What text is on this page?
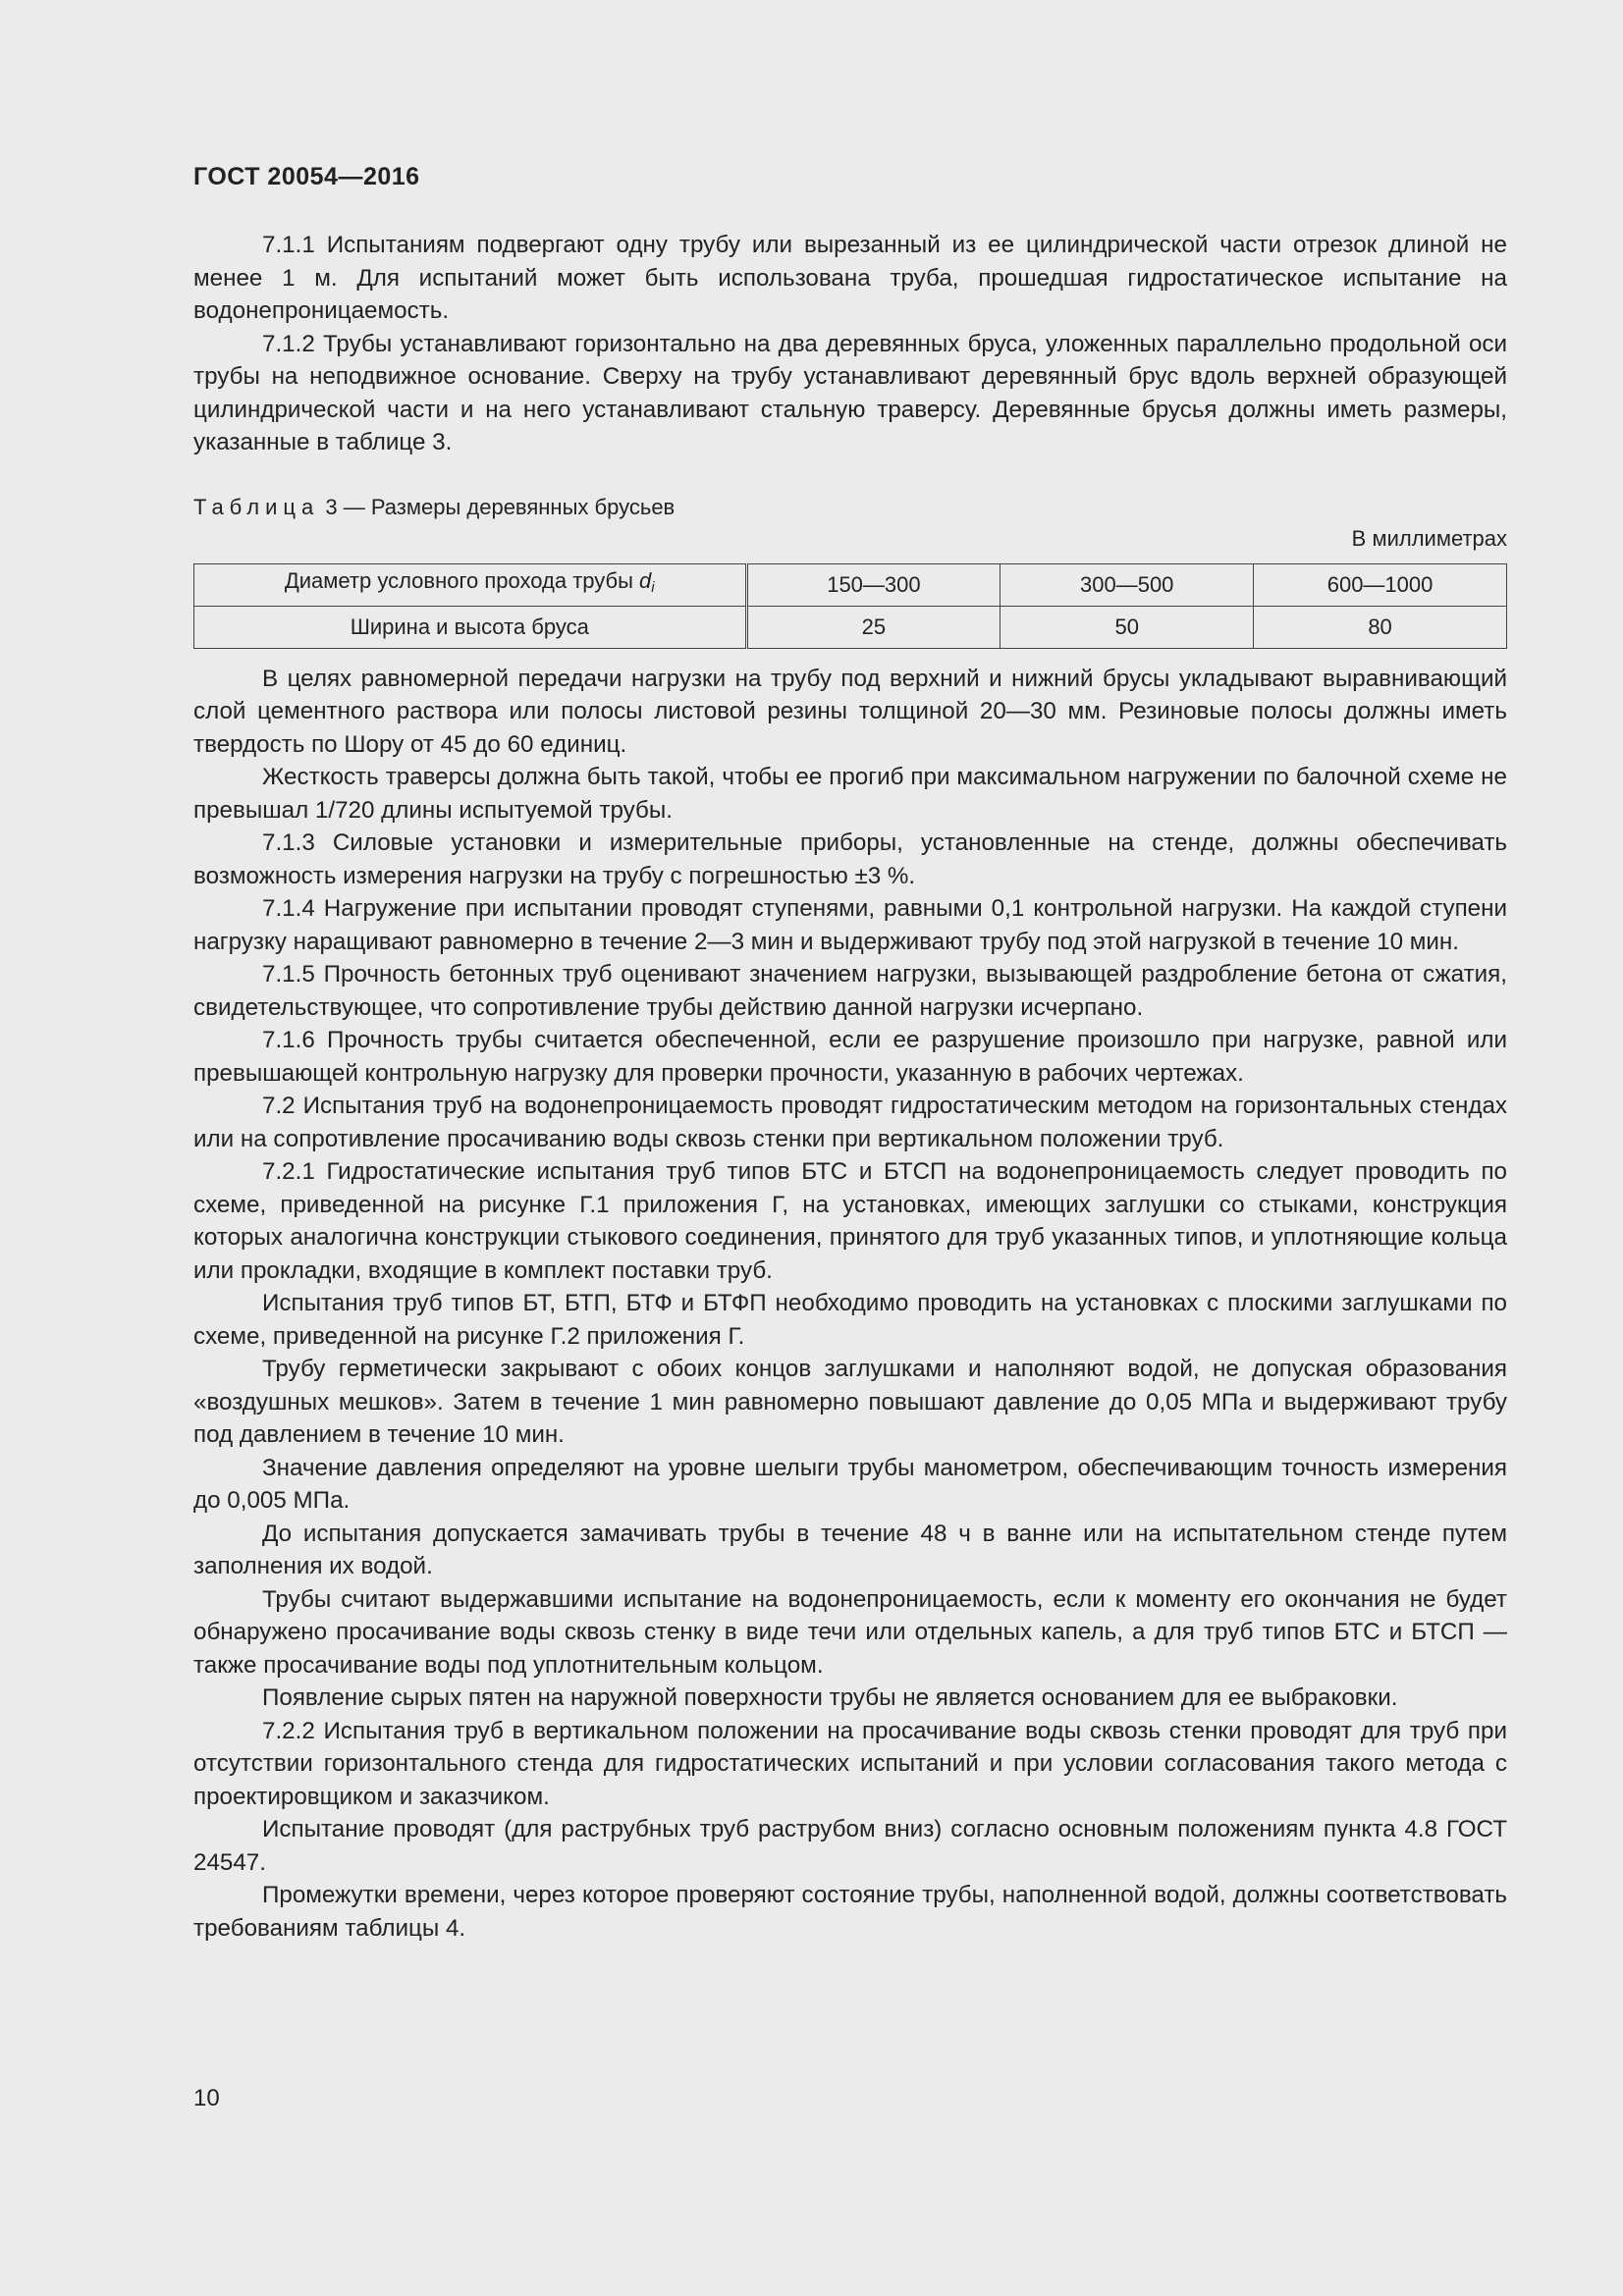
ГОСТ 20054—2016

7.1.1 Испытаниям подвергают одну трубу или вырезанный из ее цилиндрической части отрезок длиной не менее 1 м. Для испытаний может быть использована труба, прошедшая гидростатическое испытание на водонепроницаемость.

7.1.2 Трубы устанавливают горизонтально на два деревянных бруса, уложенных параллельно продольной оси трубы на неподвижное основание. Сверху на трубу устанавливают деревянный брус вдоль верхней образующей цилиндрической части и на него устанавливают стальную траверсу. Деревянные брусья должны иметь размеры, указанные в таблице 3.

Таблица 3 — Размеры деревянных брусьев
В миллиметрах
Диаметр условного прохода трубы $d_i$	150—300	300—500	600—1000
Ширина и высота бруса	25	50	80

В целях равномерной передачи нагрузки на трубу под верхний и нижний брусы укладывают выравнивающий слой цементного раствора или полосы листовой резины толщиной 20—30 мм. Резиновые полосы должны иметь твердость по Шору от 45 до 60 единиц.

Жесткость траверсы должна быть такой, чтобы ее прогиб при максимальном нагружении по балочной схеме не превышал 1/720 длины испытуемой трубы.

7.1.3 Силовые установки и измерительные приборы, установленные на стенде, должны обеспечивать возможность измерения нагрузки на трубу с погрешностью ±3 %.

7.1.4 Нагружение при испытании проводят ступенями, равными 0,1 контрольной нагрузки. На каждой ступени нагрузку наращивают равномерно в течение 2—3 мин и выдерживают трубу под этой нагрузкой в течение 10 мин.

7.1.5 Прочность бетонных труб оценивают значением нагрузки, вызывающей раздробление бетона от сжатия, свидетельствующее, что сопротивление трубы действию данной нагрузки исчерпано.

7.1.6 Прочность трубы считается обеспеченной, если ее разрушение произошло при нагрузке, равной или превышающей контрольную нагрузку для проверки прочности, указанную в рабочих чертежах.

7.2 Испытания труб на водонепроницаемость проводят гидростатическим методом на горизонтальных стендах или на сопротивление просачиванию воды сквозь стенки при вертикальном положении труб.

7.2.1 Гидростатические испытания труб типов БТС и БТСП на водонепроницаемость следует проводить по схеме, приведенной на рисунке Г.1 приложения Г, на установках, имеющих заглушки со стыками, конструкция которых аналогична конструкции стыкового соединения, принятого для труб указанных типов, и уплотняющие кольца или прокладки, входящие в комплект поставки труб.

Испытания труб типов БТ, БТП, БТФ и БТФП необходимо проводить на установках с плоскими заглушками по схеме, приведенной на рисунке Г.2 приложения Г.

Трубу герметически закрывают с обоих концов заглушками и наполняют водой, не допуская образования «воздушных мешков». Затем в течение 1 мин равномерно повышают давление до 0,05 МПа и выдерживают трубу под давлением в течение 10 мин.

Значение давления определяют на уровне шелыги трубы манометром, обеспечивающим точность измерения до 0,005 МПа.

До испытания допускается замачивать трубы в течение 48 ч в ванне или на испытательном стенде путем заполнения их водой.

Трубы считают выдержавшими испытание на водонепроницаемость, если к моменту его окончания не будет обнаружено просачивание воды сквозь стенку в виде течи или отдельных капель, а для труб типов БТС и БТСП — также просачивание воды под уплотнительным кольцом.

Появление сырых пятен на наружной поверхности трубы не является основанием для ее выбраковки.

7.2.2 Испытания труб в вертикальном положении на просачивание воды сквозь стенки проводят для труб при отсутствии горизонтального стенда для гидростатических испытаний и при условии согласования такого метода с проектировщиком и заказчиком.

Испытание проводят (для раструбных труб раструбом вниз) согласно основным положениям пункта 4.8 ГОСТ 24547.

Промежутки времени, через которое проверяют состояние трубы, наполненной водой, должны соответствовать требованиям таблицы 4.

10
